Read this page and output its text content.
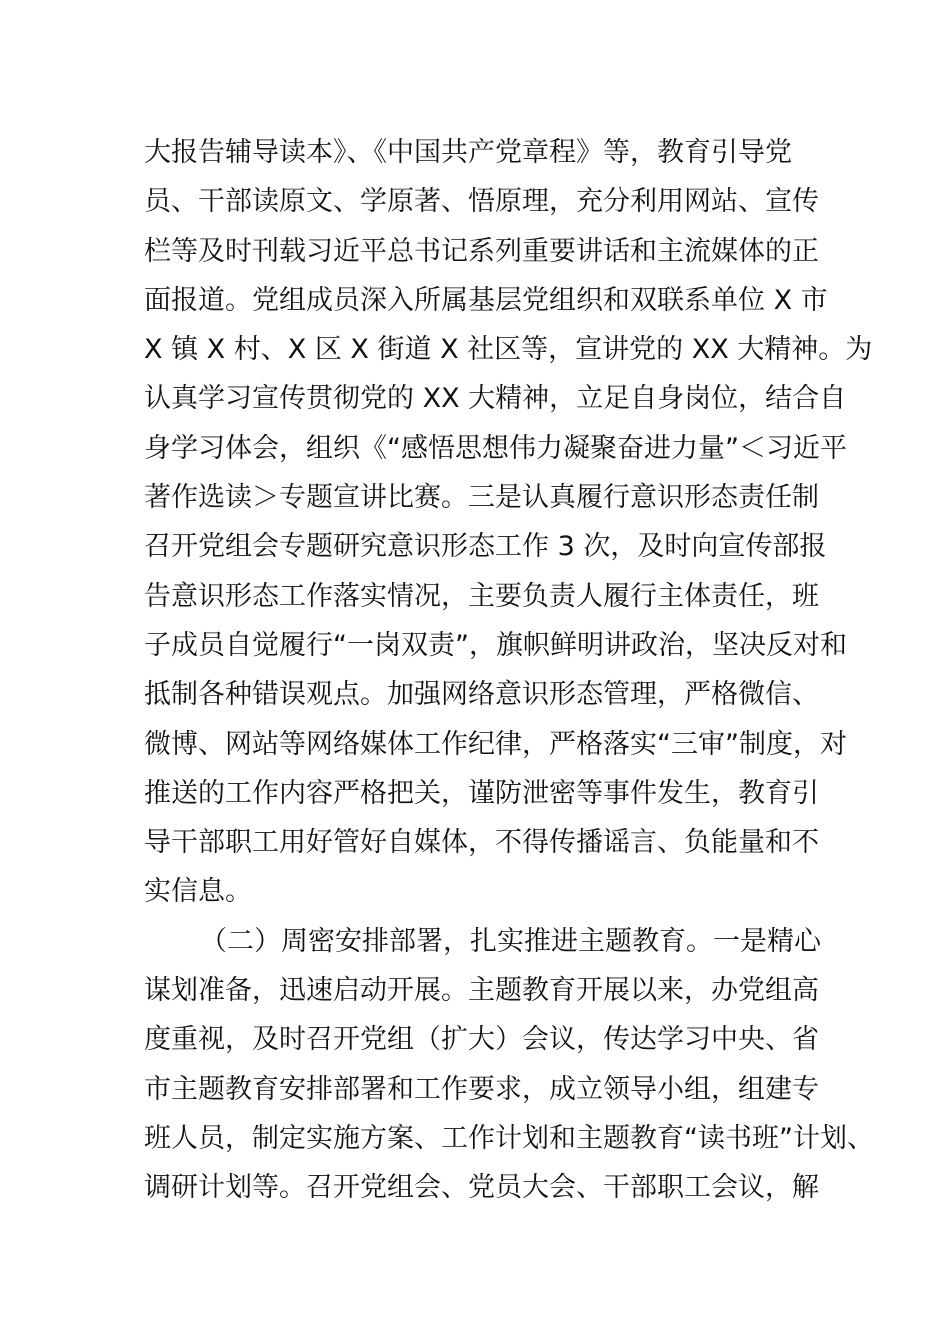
大报告辅导读本》、《中国共产党章程》等，教育引导党
员、干部读原文、学原著、悟原理，充分利用网站、宣传
栏等及时刊载习近平总书记系列重要讲话和主流媒体的正
面报道。党组成员深入所属基层党组织和双联系单位 X 市
X 镇 X 村、X 区 X 街道 X 社区等，宣讲党的 XX 大精神。为
认真学习宣传贯彻党的 XX 大精神，立足自身岗位，结合自
身学习体会，组织《“感悟思想伟力凝聚奋进力量”＜习近平
著作选读＞专题宣讲比赛。三是认真履行意识形态责任制
召开党组会专题研究意识形态工作 3 次，及时向宣传部报
告意识形态工作落实情况，主要负责人履行主体责任，班
子成员自觉履行“一岗双责”，旗帜鲜明讲政治，坚决反对和
抵制各种错误观点。加强网络意识形态管理，严格微信、
微博、网站等网络媒体工作纪律，严格落实“三审”制度，对
推送的工作内容严格把关，谨防泄密等事件发生，教育引
导干部职工用好管好自媒体，不得传播谣言、负能量和不
实信息。
（二）周密安排部署，扎实推进主题教育。一是精心
谋划准备，迅速启动开展。主题教育开展以来，办党组高
度重视，及时召开党组（扩大）会议，传达学习中央、省
市主题教育安排部署和工作要求，成立领导小组，组建专
班人员，制定实施方案、工作计划和主题教育“读书班”计划、
调研计划等。召开党组会、党员大会、干部职工会议，解
